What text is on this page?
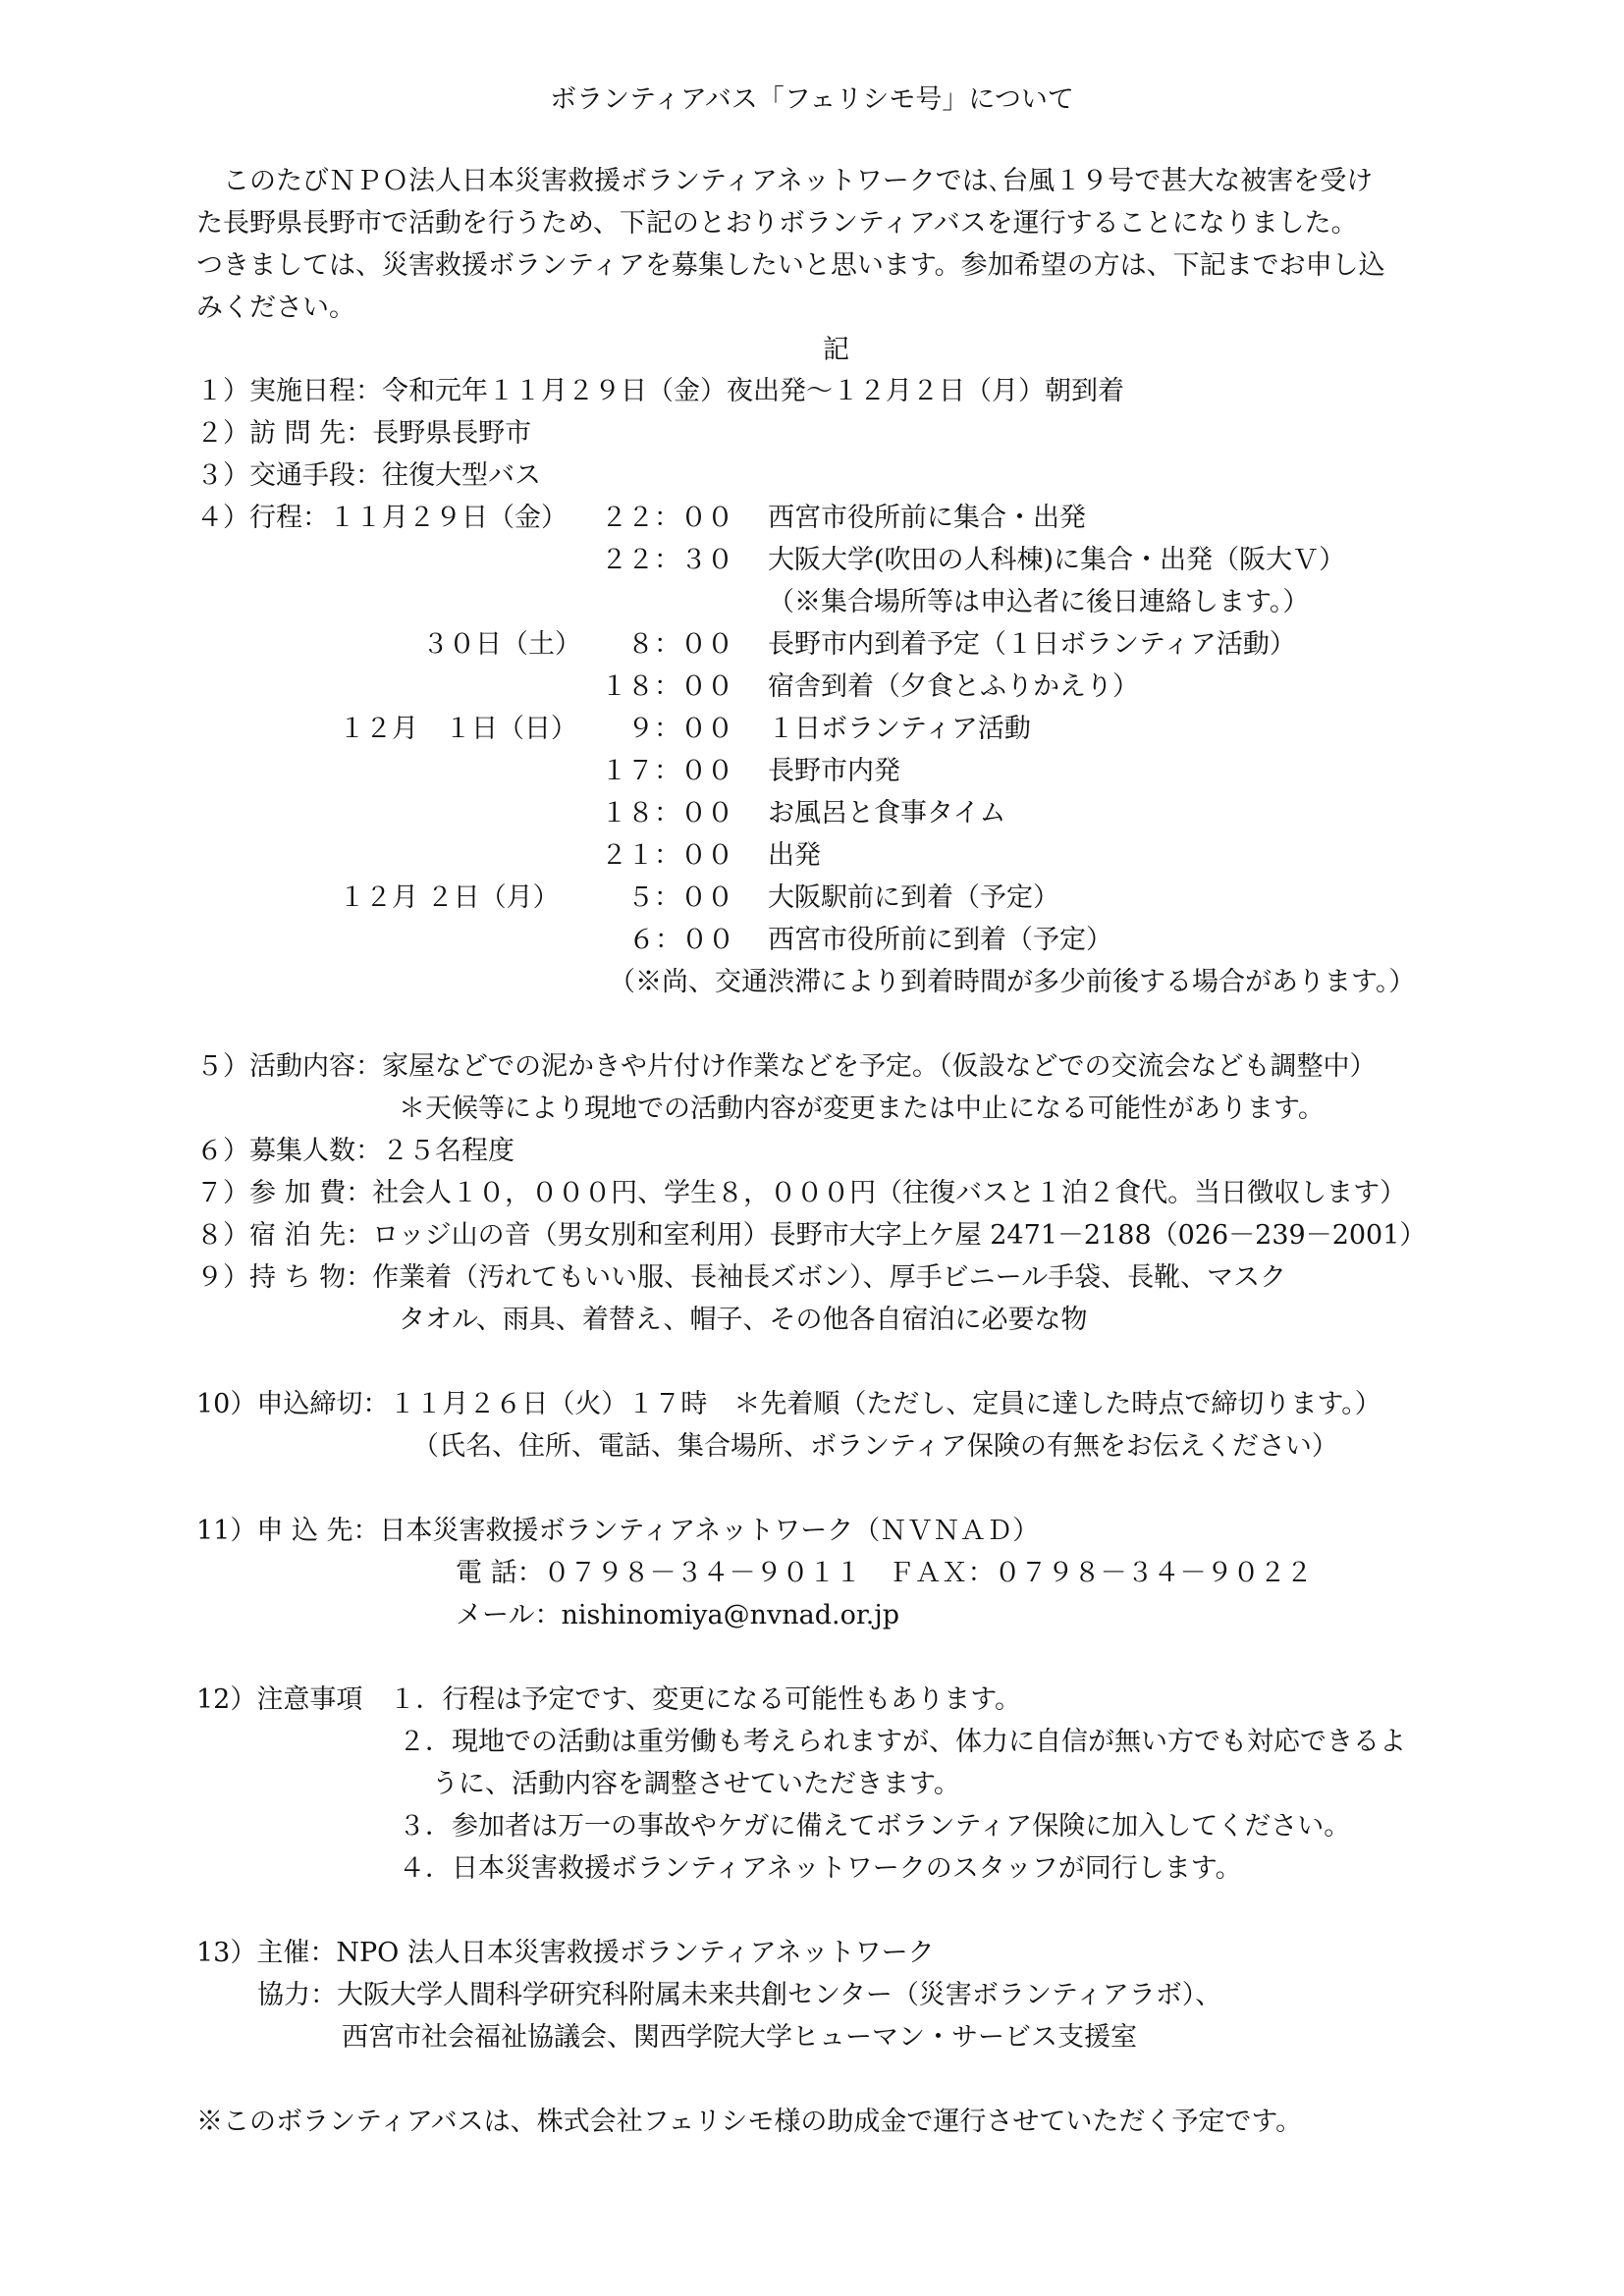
ボランティアバス「フェリシモ号」について
　このたびＮＰＯ法人日本災害救援ボランティアネットワークでは､台風１９号で甚大な被害を受け
た長野県長野市で活動を行うため、下記のとおりボランティアバスを運行することになりました。
つきましては、災害救援ボランティアを募集したいと思います。参加希望の方は、下記までお申し込
みください。
記
１）実施日程：令和元年１１月２９日（金）夜出発～１２月２日（月）朝到着
２）訪 問 先：長野県長野市
３）交通手段：往復大型バス
４）行程：１１月２９日（金） ２２：００ 西宮市役所前に集合・出発
２２：３０ 大阪大学(吹田の人科棟)に集合・出発（阪大Ｖ）
（※集合場所等は申込者に後日連絡します。）
３０日（土） 　８：００ 長野市内到着予定（１日ボランティア活動）
１８：００ 宿舎到着（夕食とふりかえり）
１２月　１日（日） 　９：００ １日ボランティア活動
１７：００ 長野市内発
１８：００ お風呂と食事タイム
２１：００ 出発
１２月 ２日（月） 　５：００ 大阪駅前に到着（予定）
６：００ 西宮市役所前に到着（予定）
（※尚、交通渋滞により到着時間が多少前後する場合があります。）
５）活動内容：家屋などでの泥かきや片付け作業などを予定。（仮設などでの交流会なども調整中）
＊天候等により現地での活動内容が変更または中止になる可能性があります。
６）募集人数：２５名程度
７）参 加 費：社会人１０，０００円、学生８，０００円（往復バスと１泊２食代。当日徴収します）
８）宿 泊 先：ロッジ山の音（男女別和室利用）長野市大字上ケ屋 2471－2188（026－239－2001）
９）持 ち 物：作業着（汚れてもいい服、長袖長ズボン）、厚手ビニール手袋、長靴、マスク
タオル、雨具、着替え、帽子、その他各自宿泊に必要な物
10）申込締切：１１月２６日（火）１７時　＊先着順（ただし、定員に達した時点で締切ります。）
（氏名、住所、電話、集合場所、ボランティア保険の有無をお伝えください）
11）申 込 先：日本災害救援ボランティアネットワーク（ＮＶＮＡＤ）
電 話：０７９８－３４－９０１１　ＦＡＸ：０７９８－３４－９０２２
メール：nishinomiya@nvnad.or.jp
12）注意事項　１．行程は予定です、変更になる可能性もあります。
２．現地での活動は重労働も考えられますが、体力に自信が無い方でも対応できるよ
うに、活動内容を調整させていただきます。
３．参加者は万一の事故やケガに備えてボランティア保険に加入してください。
４．日本災害救援ボランティアネットワークのスタッフが同行します。
13）主催：NPO 法人日本災害救援ボランティアネットワーク
協力：大阪大学人間科学研究科附属未来共創センター（災害ボランティアラボ）、
西宮市社会福祉協議会、関西学院大学ヒューマン・サービス支援室
※このボランティアバスは、株式会社フェリシモ様の助成金で運行させていただく予定です。
